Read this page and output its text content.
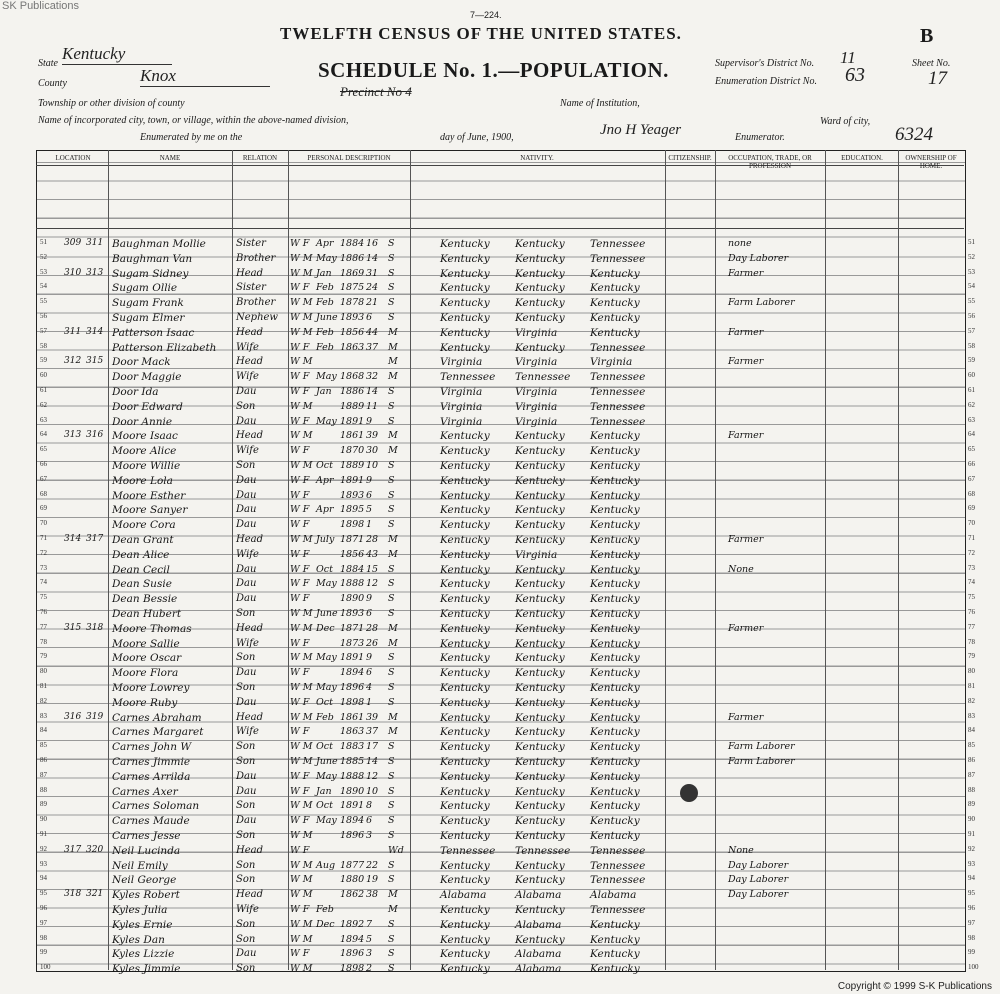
SK Publications
7—224.
TWELFTH CENSUS OF THE UNITED STATES.	B
SCHEDULE No. 1.—POPULATION.
State
Kentucky
County	Knox
Township or other division of county
Precinct No 4
Name of incorporated city, town, or village, within the above-named division,
Enumerated by me on the	day of June, 1900,	Jno H Yeager	Enumerator.
Name of Institution,
Ward of city,
6324
Supervisor's District No. 11
Enumeration District No. 63
Sheet No.
17
LOCATION	NAME	RELATION	PERSONAL DESCRIPTION	NATIVITY.	CITIZENSHIP.	OCCUPATION, TRADE, OR PROFESSION
EDUCATION.	OWNERSHIP OF HOME.
51 309 311 Baughman Mollie	Sister	W F Apr 1884 16 S	Kentucky Kentucky Tennessee	none	51
52	Baughman Van	Brother W M May 1886 14 S	Kentucky Kentucky Tennessee	Day Laborer	52
53 310 313 Sugam Sidney	Head	W M Jan 1869 31 S	Kentucky Kentucky Kentucky	Farmer	53
54	Sugam Ollie	Sister	W F Feb 1875 24 S	Kentucky Kentucky Kentucky	54
55	Sugam Frank	Brother W M Feb 1878 21 S	Kentucky Kentucky Kentucky	Farm Laborer	55
56	Sugam Elmer	Nephew W M June 1893 6 S	Kentucky Kentucky Kentucky	56
57 311 314 Patterson Isaac	Head	W M Feb 1856 44 M	Kentucky Virginia	Kentucky	Farmer	57
58	Patterson Elizabeth Wife	W F Feb 1863 37 M	Kentucky Kentucky Tennessee	58
59 312 315 Door Mack	Head	W M	M	Virginia	Virginia	Virginia	Farmer	59
60	Door Maggie	Wife	W F May 1868 32 M	Tennessee Tennessee Tennessee	60
61	Door Ida	Dau	W F Jan 1886 14 S	Virginia	Virginia	Tennessee	61
62	Door Edward	Son	W M	1889 11 S	Virginia	Virginia	Tennessee	62
63	Door Annie	Dau	W F May 1891 9 S	Virginia	Virginia	Tennessee	63
64 313 316 Moore Isaac	Head	W M	1861 39 M	Kentucky Kentucky Kentucky	Farmer	64
65	Moore Alice	Wife	W F	1870 30 M	Kentucky Kentucky Kentucky	65
66	Moore Willie	Son	W M Oct 1889 10 S	Kentucky Kentucky Kentucky	66
67	Moore Lola	Dau	W F Apr 1891 9 S	Kentucky Kentucky Kentucky	67
68	Moore Esther	Dau	W F	1893 6 S	Kentucky Kentucky Kentucky	68
69	Moore Sanyer	Dau	W F Apr 1895 5 S	Kentucky Kentucky Kentucky	69
70	Moore Cora	Dau	W F	1898 1 S	Kentucky Kentucky Kentucky	70
71 314 317 Dean Grant	Head	W M July 1871 28 M	Kentucky Kentucky Kentucky	Farmer	71
72	Dean Alice	Wife	W F	1856 43 M	Kentucky Virginia	Kentucky	72
73	Dean Cecil	Dau	W F Oct 1884 15 S	Kentucky Kentucky Kentucky	None	73
74	Dean Susie	Dau	W F May 1888 12 S	Kentucky Kentucky Kentucky	74
75	Dean Bessie	Dau	W F	1890 9 S	Kentucky Kentucky Kentucky	75
76	Dean Hubert	Son	W M June 1893 6 S	Kentucky Kentucky Kentucky	76
77 315 318 Moore Thomas	Head	W M Dec 1871 28 M	Kentucky Kentucky Kentucky	Farmer	77
78	Moore Sallie	Wife	W F	1873 26 M	Kentucky Kentucky Kentucky	78
79	Moore Oscar	Son	W M May 1891 9 S	Kentucky Kentucky Kentucky	79
80	Moore Flora	Dau	W F	1894 6 S	Kentucky Kentucky Kentucky	80
81	Moore Lowrey	Son	W M May 1896 4 S	Kentucky Kentucky Kentucky	81
82	Moore Ruby	Dau	W F Oct 1898 1 S	Kentucky Kentucky Kentucky	82
83 316 319 Carnes Abraham	Head	W M Feb 1861 39 M	Kentucky Kentucky Kentucky	Farmer	83
84	Carnes Margaret	Wife	W F	1863 37 M	Kentucky Kentucky Kentucky	84
85	Carnes John W	Son	W M Oct 1883 17 S	Kentucky Kentucky Kentucky	Farm Laborer	85
86	Carnes Jimmie	Son	W M June 1885 14 S	Kentucky Kentucky Kentucky	Farm Laborer	86
87	Carnes Arrilda	Dau	W F May 1888 12 S	Kentucky Kentucky Kentucky	87
88	Carnes Axer	Dau	W F Jan 1890 10 S	Kentucky Kentucky Kentucky	88
89	Carnes Soloman	Son	W M Oct 1891 8 S	Kentucky Kentucky Kentucky	89
90	Carnes Maude	Dau	W F May 1894 6 S	Kentucky Kentucky Kentucky	90
91	Carnes Jesse	Son	W M	1896 3 S	Kentucky Kentucky Kentucky	91
92 317 320 Neil Lucinda	Head	W F	Wd	Tennessee Tennessee Tennessee	None	92
93	Neil Emily	Son	W M Aug 1877 22 S	Kentucky Kentucky Tennessee	Day Laborer	93
94	Neil George	Son	W M	1880 19 S	Kentucky Kentucky Tennessee	Day Laborer	94
95 318 321 Kyles Robert	Head	W M	1862 38 M	Alabama	Alabama	Alabama	Day Laborer	95
96	Kyles Julia	Wife	W F Feb	M	Kentucky Kentucky Tennessee	96
97	Kyles Ernie	Son	W M Dec 1892 7 S	Kentucky Alabama	Kentucky	97
98	Kyles Dan	Son	W M	1894 5 S	Kentucky Kentucky Kentucky	98
99	Kyles Lizzie	Dau	W F	1896 3 S	Kentucky Alabama	Kentucky	99
100	Kyles Jimmie	Son	W M	1898 2 S	Kentucky Alabama	Kentucky	100
Copyright © 1999 S-K Publications
